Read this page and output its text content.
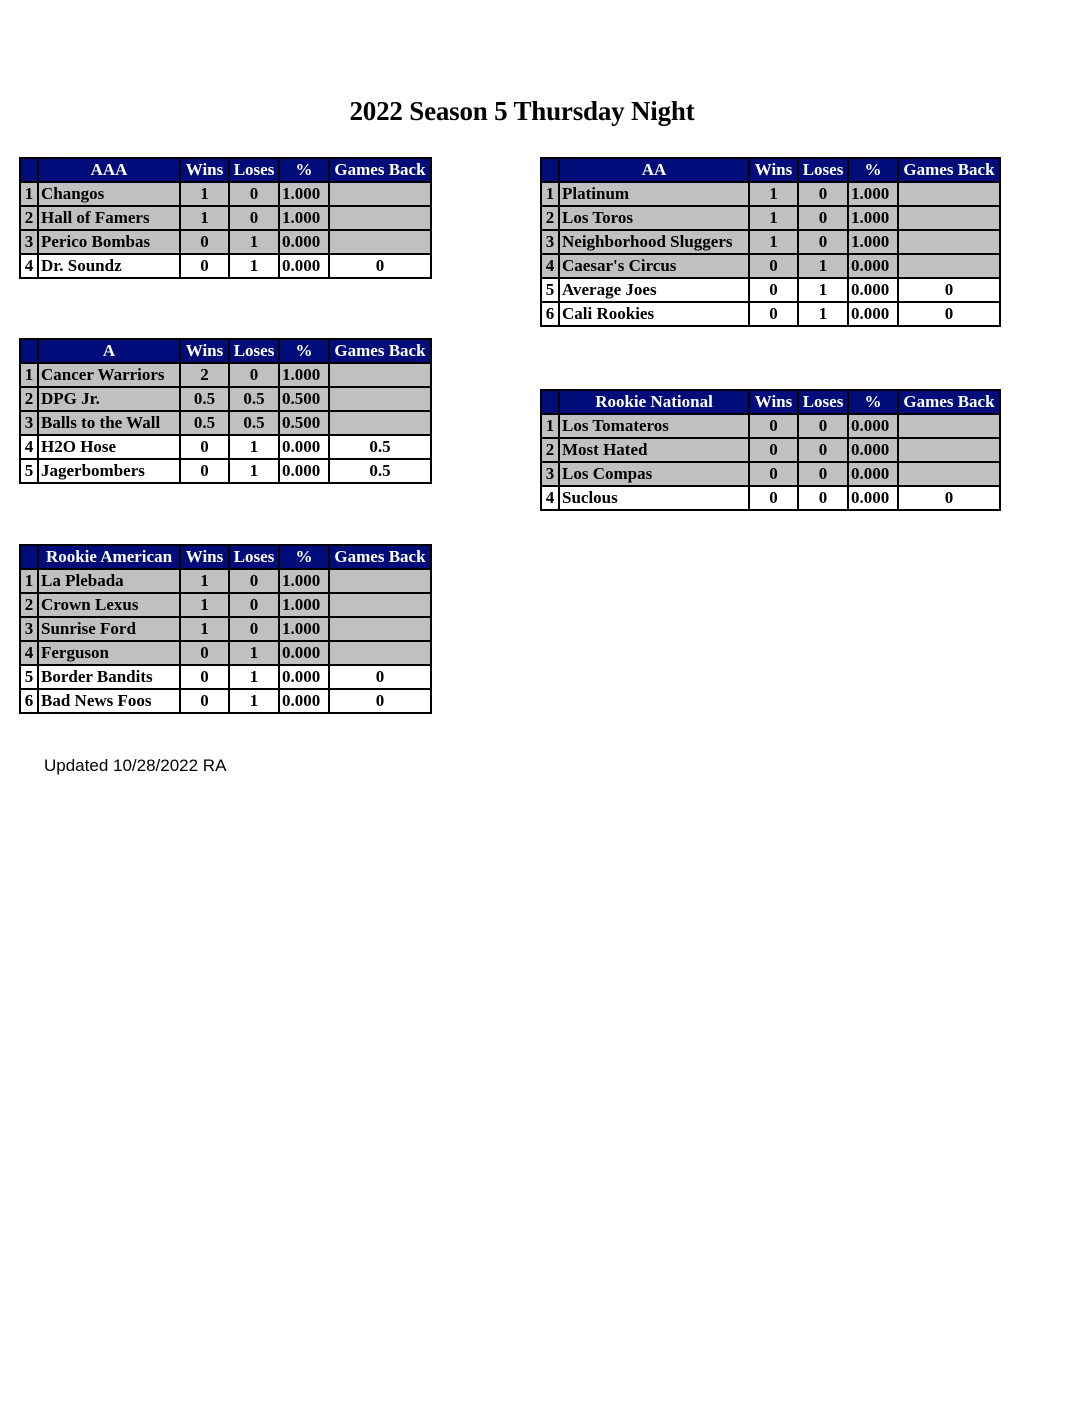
2022 Season 5 Thursday Night
	AAA	Wins	Loses	%	Games Back
1	Changos	1	0	1.000	
2	Hall of Famers	1	0	1.000	
3	Perico Bombas	0	1	0.000	
4	Dr. Soundz	0	1	0.000	0
	AA	Wins	Loses	%	Games Back
1	Platinum	1	0	1.000	
2	Los Toros	1	0	1.000	
3	Neighborhood Sluggers	1	0	1.000	
4	Caesar's Circus	0	1	0.000	
5	Average Joes	0	1	0.000	0
6	Cali Rookies	0	1	0.000	0
	A	Wins	Loses	%	Games Back
1	Cancer Warriors	2	0	1.000	
2	DPG Jr.	0.5	0.5	0.500	
3	Balls to the Wall	0.5	0.5	0.500	
4	H2O Hose	0	1	0.000	0.5
5	Jagerbombers	0	1	0.000	0.5
	Rookie National	Wins	Loses	%	Games Back
1	Los Tomateros	0	0	0.000	
2	Most Hated	0	0	0.000	
3	Los Compas	0	0	0.000	
4	Suclous	0	0	0.000	0
	Rookie American	Wins	Loses	%	Games Back
1	La Plebada	1	0	1.000	
2	Crown Lexus	1	0	1.000	
3	Sunrise Ford	1	0	1.000	
4	Ferguson	0	1	0.000	
5	Border Bandits	0	1	0.000	0
6	Bad News Foos	0	1	0.000	0
Updated 10/28/2022 RA
